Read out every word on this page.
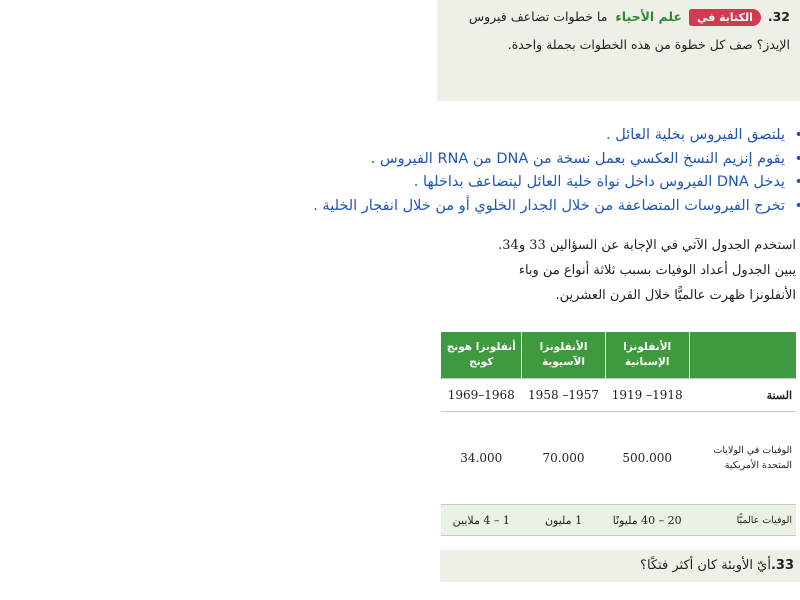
32. الكتابة في علم الأحياء ما خطوات تضاعف فيروس
الإيدز؟ صف كل خطوة من هذه الخطوات بجملة واحدة.
• يلتصق الفيروس بخلية العائل .
• يقوم إنزيم النسخ العكسي بعمل نسخة من DNA من RNA الفيروس .
• يدخل DNA الفيروس داخل نواة خلية العائل ليتضاعف بداخلها .
• تخرج الفيروسات المتضاعفة من خلال الجدار الخلوي أو من خلال انفجار الخلية .
استخدم الجدول الآتي في الإجابة عن السؤالين 33 و34.
يبين الجدول أعداد الوفيات بسبب ثلاثة أنواع من وباء
الأنفلونزا ظهرت عالميًّا خلال القرن العشرين.
	الأنفلونزا الإسبانية	الأنفلونزا الآسيوية	أنفلونزا هونج كونج
السنة	1918– 1919	1957– 1958	1968–1969
الوفيات في الولايات المتحدة الأمريكية	500.000	70.000	34.000
الوفيات عالميًّا	20 – 40 مليونًا	1 مليون	1 – 4 ملايين
33.أيّ الأوبئة كان أكثر فتكًا؟
